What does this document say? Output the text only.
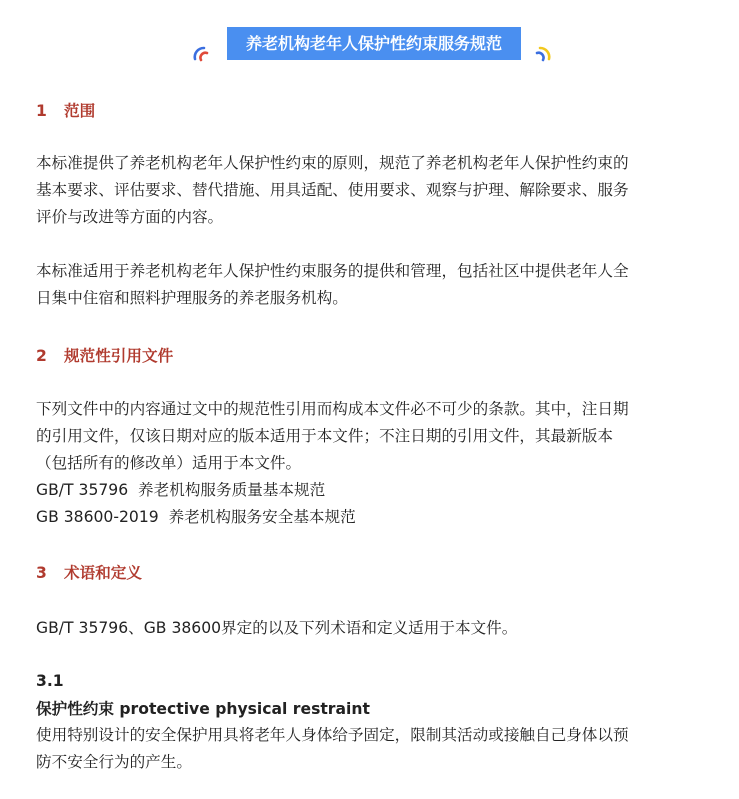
养老机构老年人保护性约束服务规范
1 范围
本标准提供了养老机构老年人保护性约束的原则，规范了养老机构老年人保护性约束的
基本要求、评估要求、替代措施、用具适配、使用要求、观察与护理、解除要求、服务
评价与改进等方面的内容。
本标准适用于养老机构老年人保护性约束服务的提供和管理，包括社区中提供老年人全
日集中住宿和照料护理服务的养老服务机构。
2 规范性引用文件
下列文件中的内容通过文中的规范性引用而构成本文件必不可少的条款。其中，注日期
的引用文件，仅该日期对应的版本适用于本文件；不注日期的引用文件，其最新版本
（包括所有的修改单）适用于本文件。
GB/T 35796  养老机构服务质量基本规范
GB 38600-2019  养老机构服务安全基本规范
3 术语和定义
GB/T 35796、GB 38600界定的以及下列术语和定义适用于本文件。
3.1
保护性约束 protective physical restraint
使用特别设计的安全保护用具将老年人身体给予固定，限制其活动或接触自己身体以预
防不安全行为的产生。
